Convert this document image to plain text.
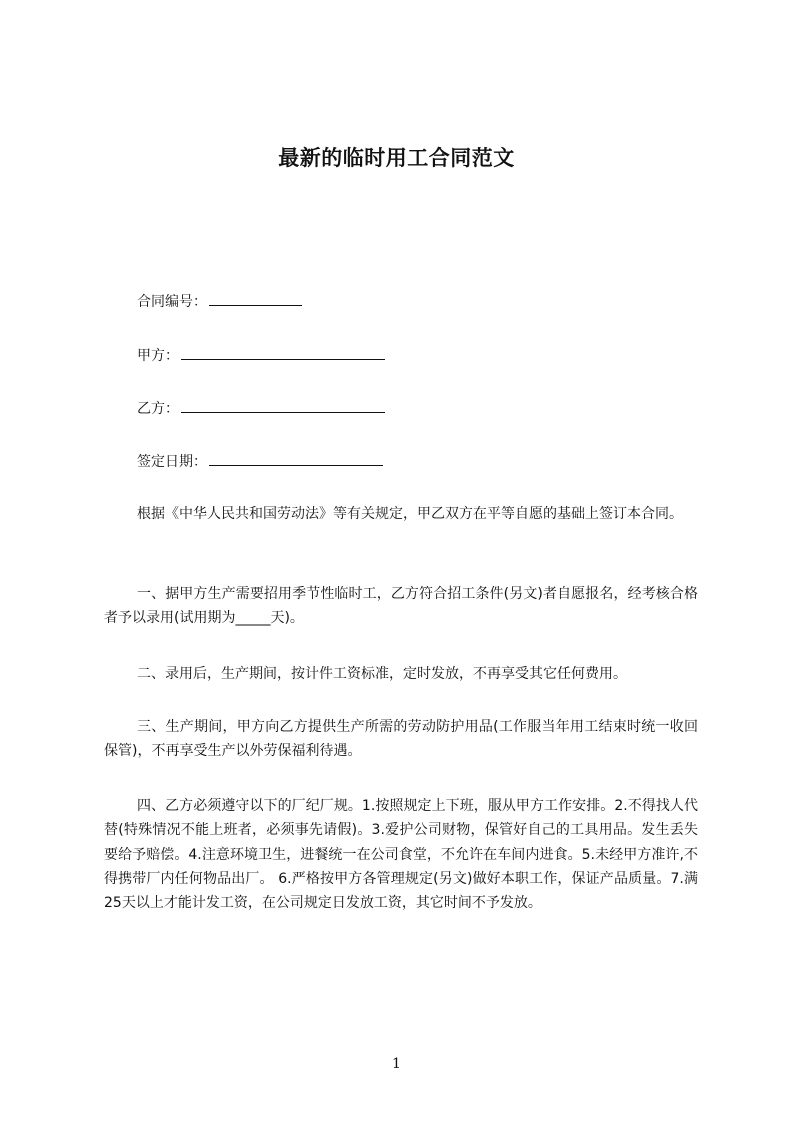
最新的临时用工合同范文
合同编号：
甲方：
乙方：
签定日期：

根据《中华人民共和国劳动法》等有关规定，甲乙双方在平等自愿的基础上签订本合同。

一、据甲方生产需要招用季节性临时工，乙方符合招工条件(另文)者自愿报名，经考核合格者予以录用(试用期为_____天)。

二、录用后，生产期间，按计件工资标准，定时发放，不再享受其它任何费用。

三、生产期间，甲方向乙方提供生产所需的劳动防护用品(工作服当年用工结束时统一收回保管)，不再享受生产以外劳保福利待遇。

四、乙方必须遵守以下的厂纪厂规。1.按照规定上下班，服从甲方工作安排。2.不得找人代替(特殊情况不能上班者，必须事先请假)。3.爱护公司财物，保管好自己的工具用品。发生丢失要给予赔偿。4.注意环境卫生，进餐统一在公司食堂，不允许在车间内进食。5.未经甲方准许,不得携带厂内任何物品出厂。 6.严格按甲方各管理规定(另文)做好本职工作，保证产品质量。7.满25天以上才能计发工资，在公司规定日发放工资，其它时间不予发放。

1
